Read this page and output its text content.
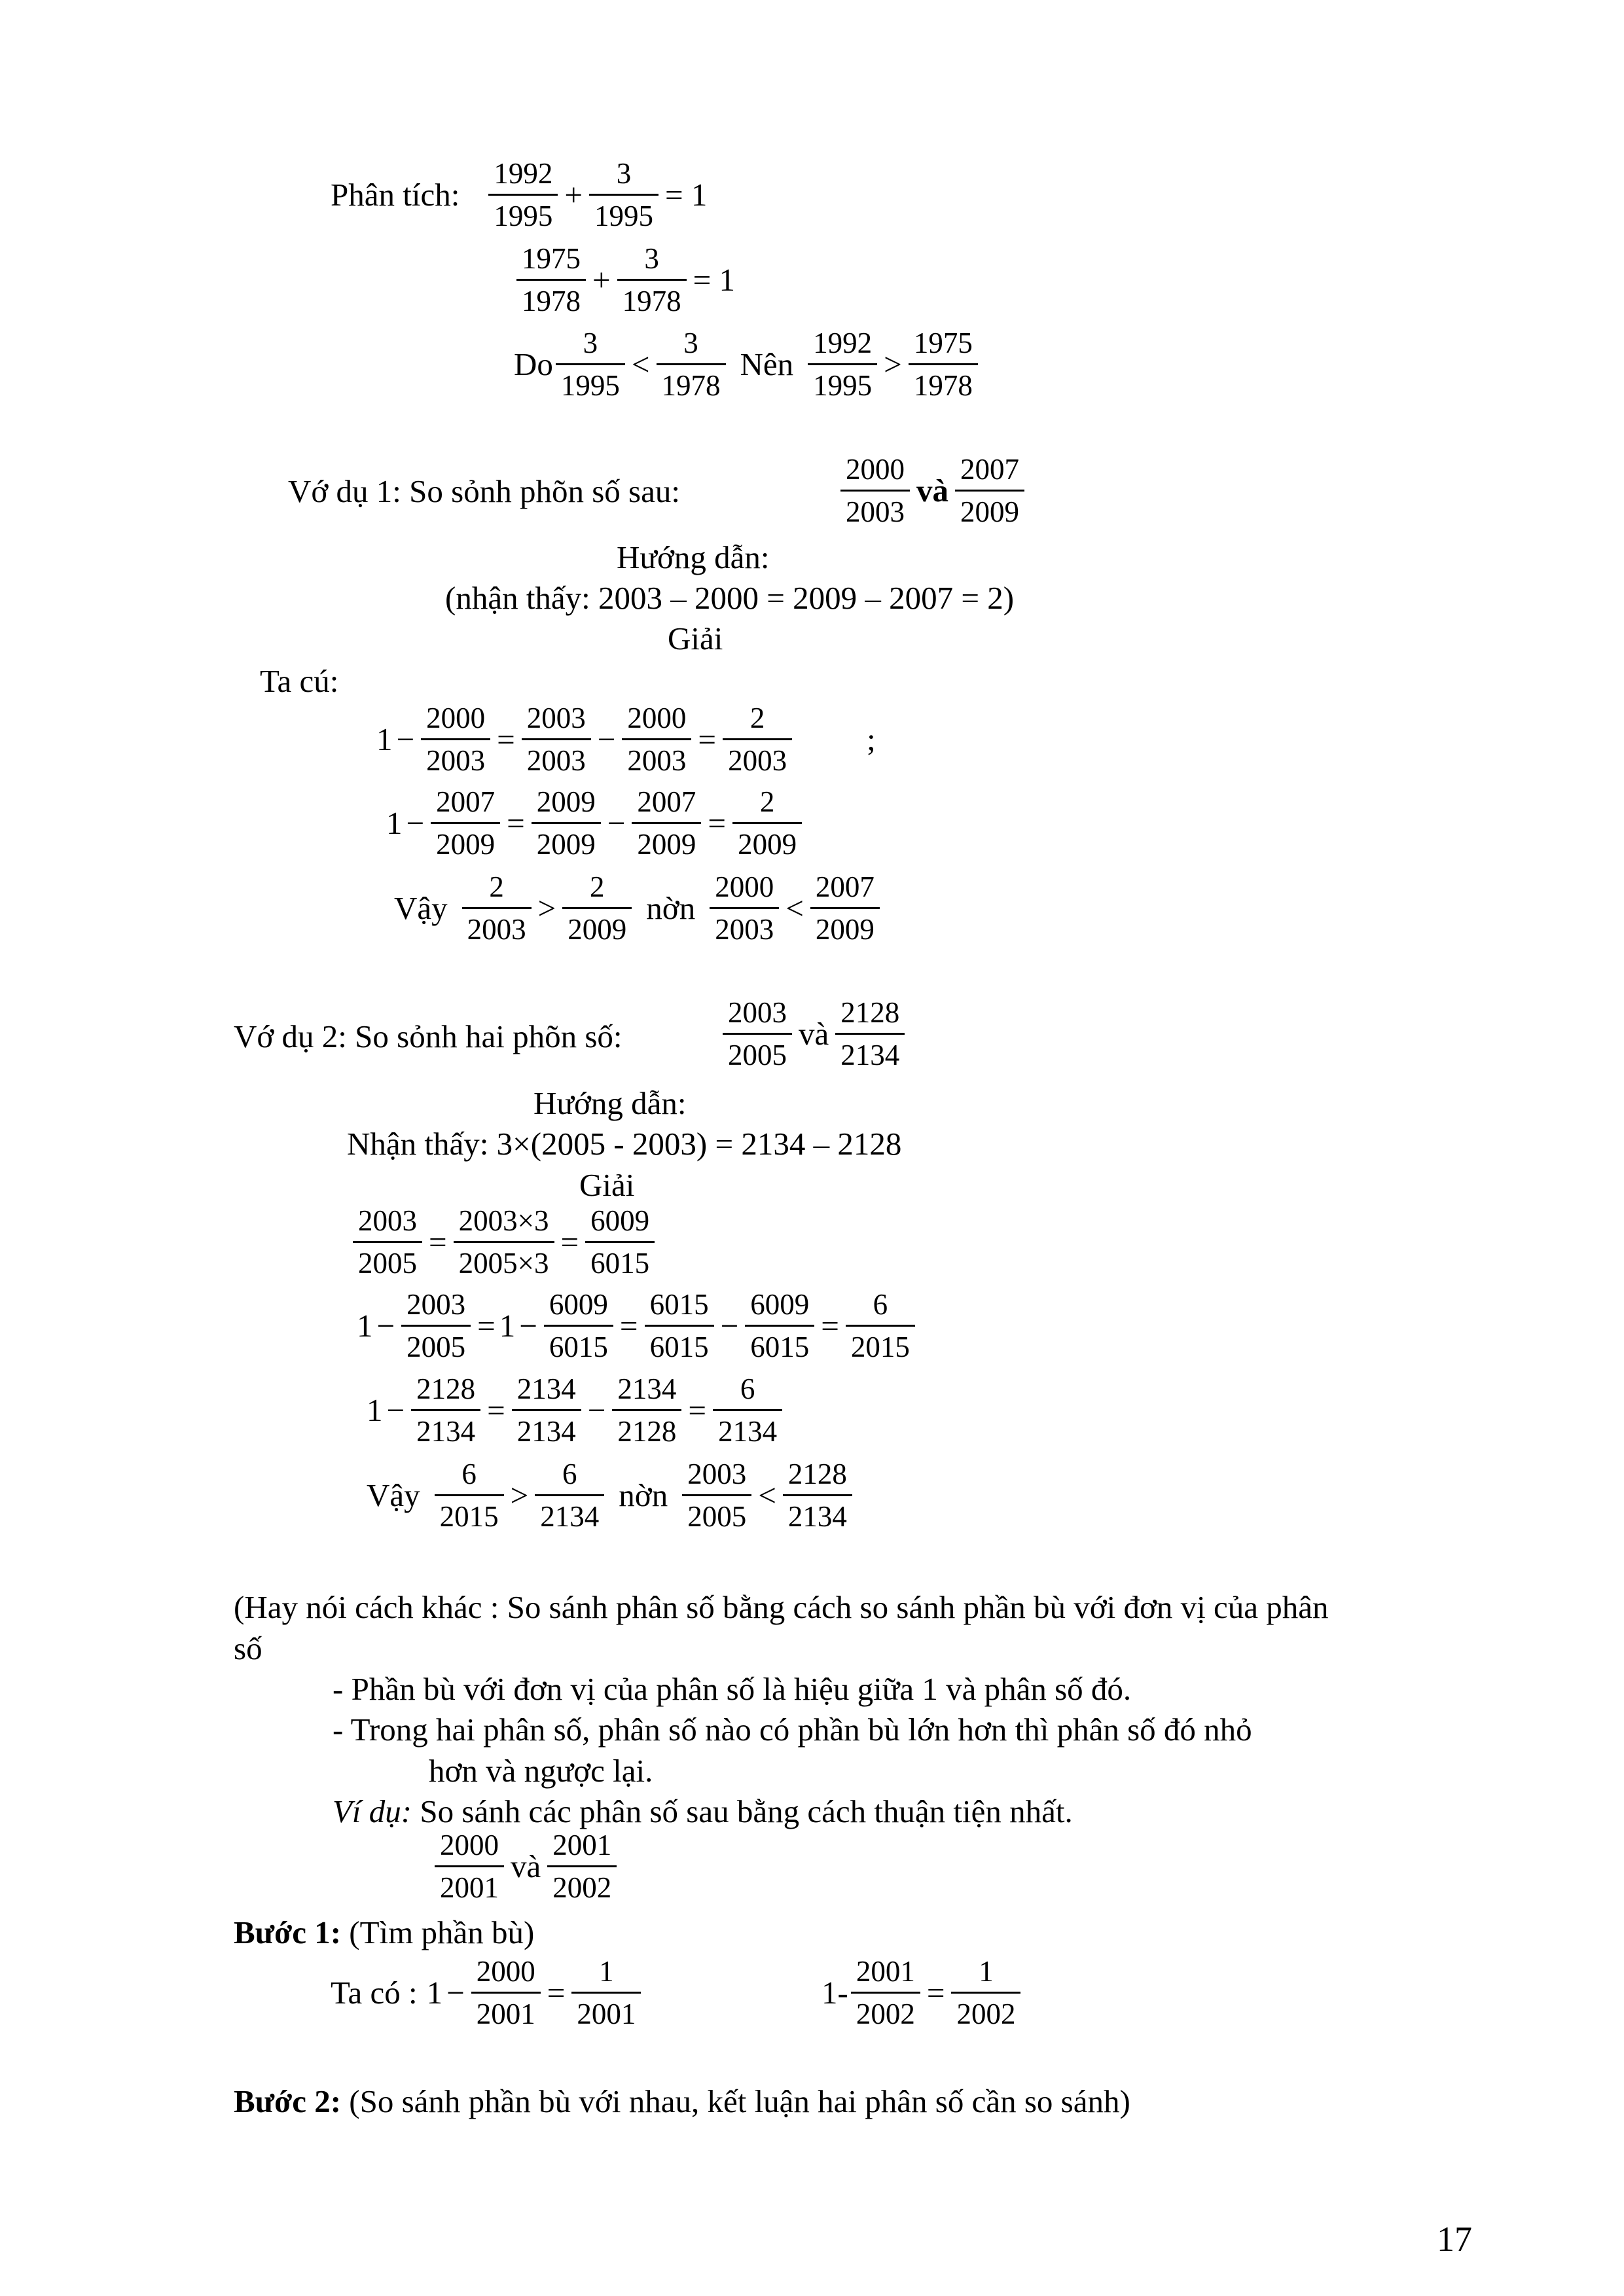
Phân tích: $\frac{1992}{1995} + \frac{3}{1995} = 1$
$\frac{1975}{1978} + \frac{3}{1978} = 1$
Do $\frac{3}{1995} < \frac{3}{1978}$ Nên $\frac{1992}{1995} > \frac{1975}{1978}$
Vớ dụ 1: So sỏnh phõn số sau:	$\frac{2000}{2003}$ và $\frac{2007}{2009}$
Hướng dẫn:
(nhận thấy: 2003 – 2000 = 2009 – 2007 = 2)
Giải
Ta cú:
$1 - \frac{2000}{2003} = \frac{2003}{2003} - \frac{2000}{2003} = \frac{2}{2003}$ ;
$1 - \frac{2007}{2009} = \frac{2009}{2009} - \frac{2007}{2009} = \frac{2}{2009}$
Vậy $\frac{2}{2003} > \frac{2}{2009}$ nờn $\frac{2000}{2003} < \frac{2007}{2009}$
Vớ dụ 2: So sỏnh hai phõn số:	$\frac{2003}{2005}$ và $\frac{2128}{2134}$
Hướng dẫn:
Nhận thấy: 3×(2005 - 2003) = 2134 – 2128
Giải
$\frac{2003}{2005} = \frac{2003\times 3}{2005\times 3} = \frac{6009}{6015}$
$1 - \frac{2003}{2005} = 1 - \frac{6009}{6015} = \frac{6015}{6015} - \frac{6009}{6015} = \frac{6}{2015}$
$1 - \frac{2128}{2134} = \frac{2134}{2134} - \frac{2134}{2128} = \frac{6}{2134}$
Vậy $\frac{6}{2015} > \frac{6}{2134}$ nờn $\frac{2003}{2005} < \frac{2128}{2134}$
(Hay nói cách khác : So sánh phân số bằng cách so sánh phần bù với đơn vị của phân
số
- Phần bù với đơn vị của phân số là hiệu giữa 1 và phân số đó.
- Trong hai phân số, phân số nào có phần bù lớn hơn thì phân số đó nhỏ
hơn và ngược lại.
Ví dụ: So sánh các phân số sau bằng cách thuận tiện nhất.
$\frac{2000}{2001}$ và $\frac{2001}{2002}$
Bước 1: (Tìm phần bù)
Ta có : $1 - \frac{2000}{2001} = \frac{1}{2001}$	$1- \frac{2001}{2002} = \frac{1}{2002}$
Bước 2: (So sánh phần bù với nhau, kết luận hai phân số cần so sánh)
17
